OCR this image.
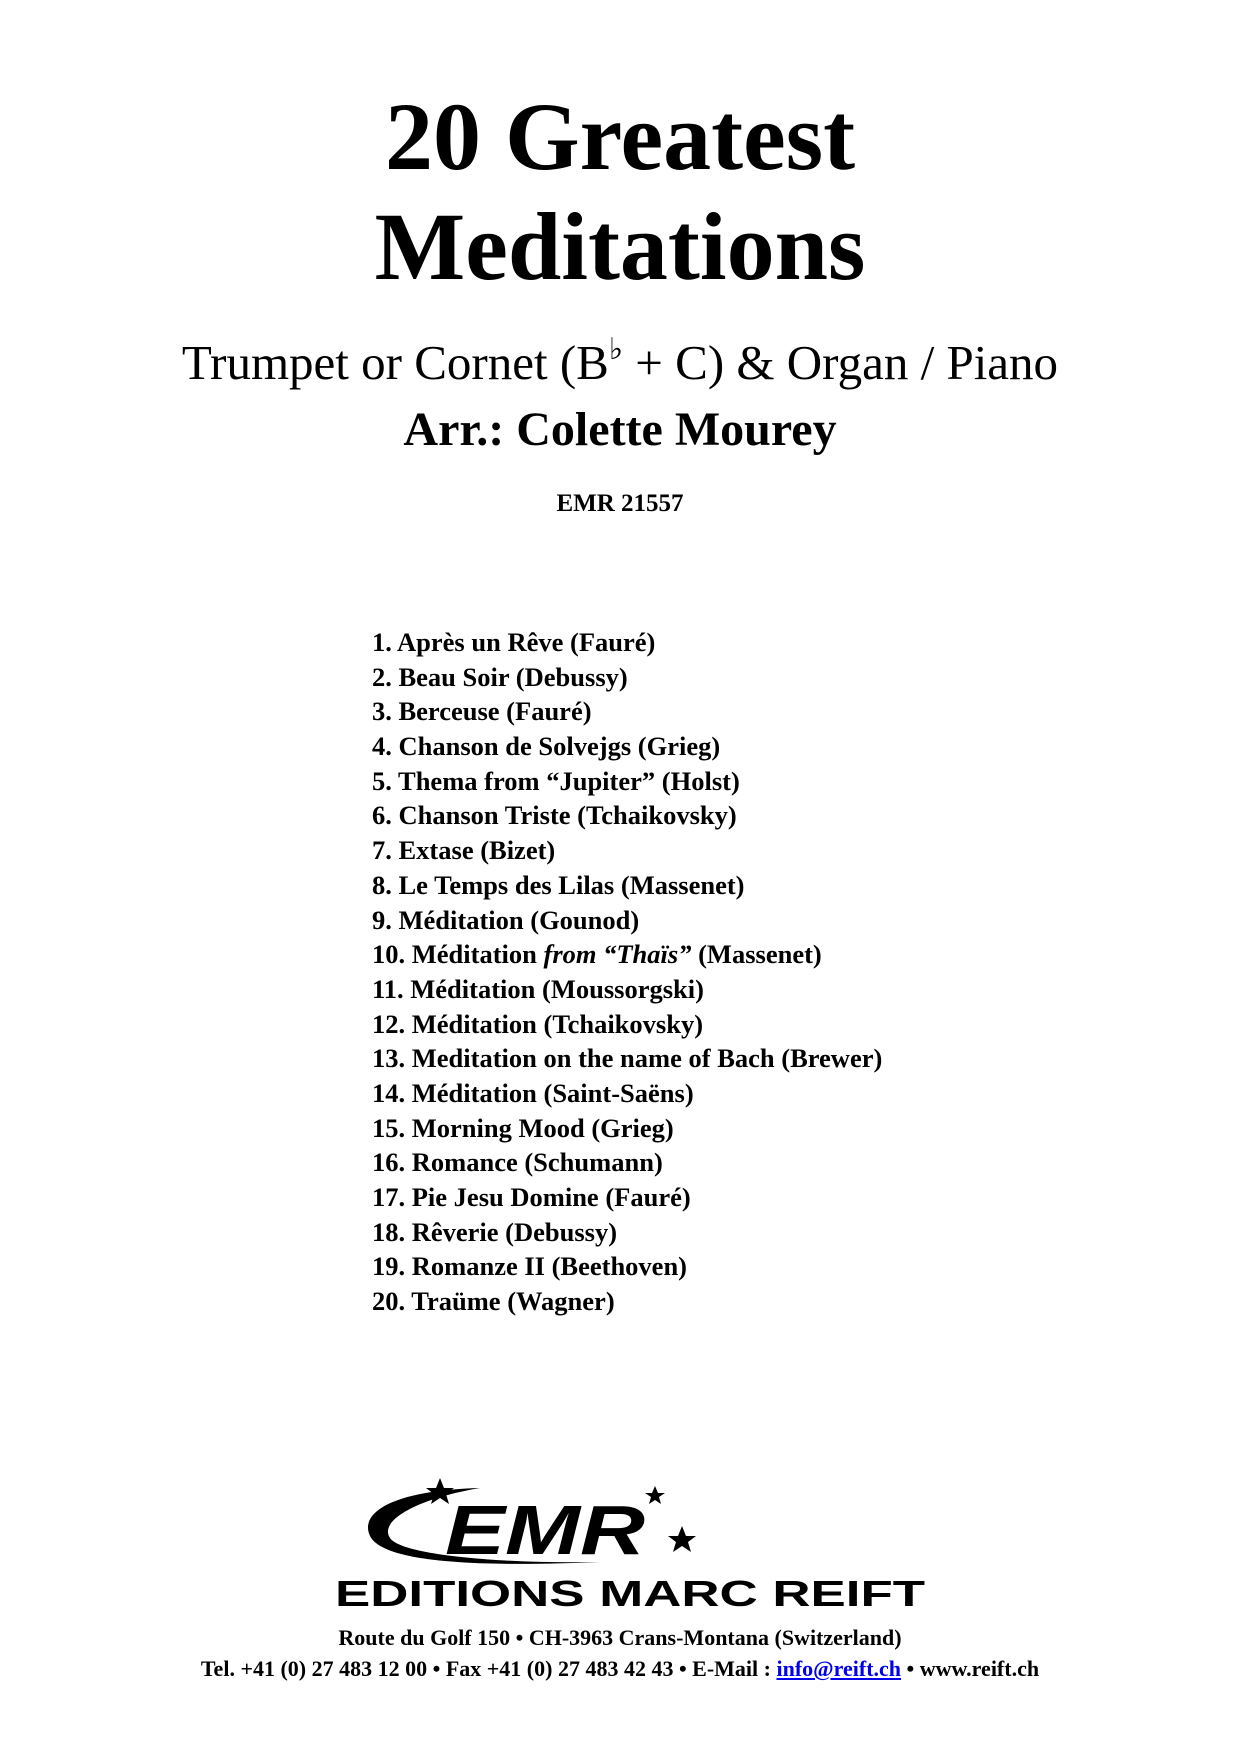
20 Greatest
Meditations
Trumpet or Cornet (B♭ + C) & Organ / Piano
Arr.: Colette Mourey
EMR 21557
1. Après un Rêve (Fauré)
2. Beau Soir (Debussy)
3. Berceuse (Fauré)
4. Chanson de Solvejgs (Grieg)
5. Thema from “Jupiter” (Holst)
6. Chanson Triste (Tchaikovsky)
7. Extase (Bizet)
8. Le Temps des Lilas (Massenet)
9. Méditation (Gounod)
10. Méditation from “Thaïs” (Massenet)
11. Méditation (Moussorgski)
12. Méditation (Tchaikovsky)
13. Meditation on the name of Bach (Brewer)
14. Méditation (Saint-Saëns)
15. Morning Mood (Grieg)
16. Romance (Schumann)
17. Pie Jesu Domine (Fauré)
18. Rêverie (Debussy)
19. Romanze II (Beethoven)
20. Traüme (Wagner)
EMR
EDITIONS MARC REIFT
Route du Golf 150 • CH-3963 Crans-Montana (Switzerland)
Tel. +41 (0) 27 483 12 00 • Fax +41 (0) 27 483 42 43 • E-Mail : info@reift.ch • www.reift.ch
